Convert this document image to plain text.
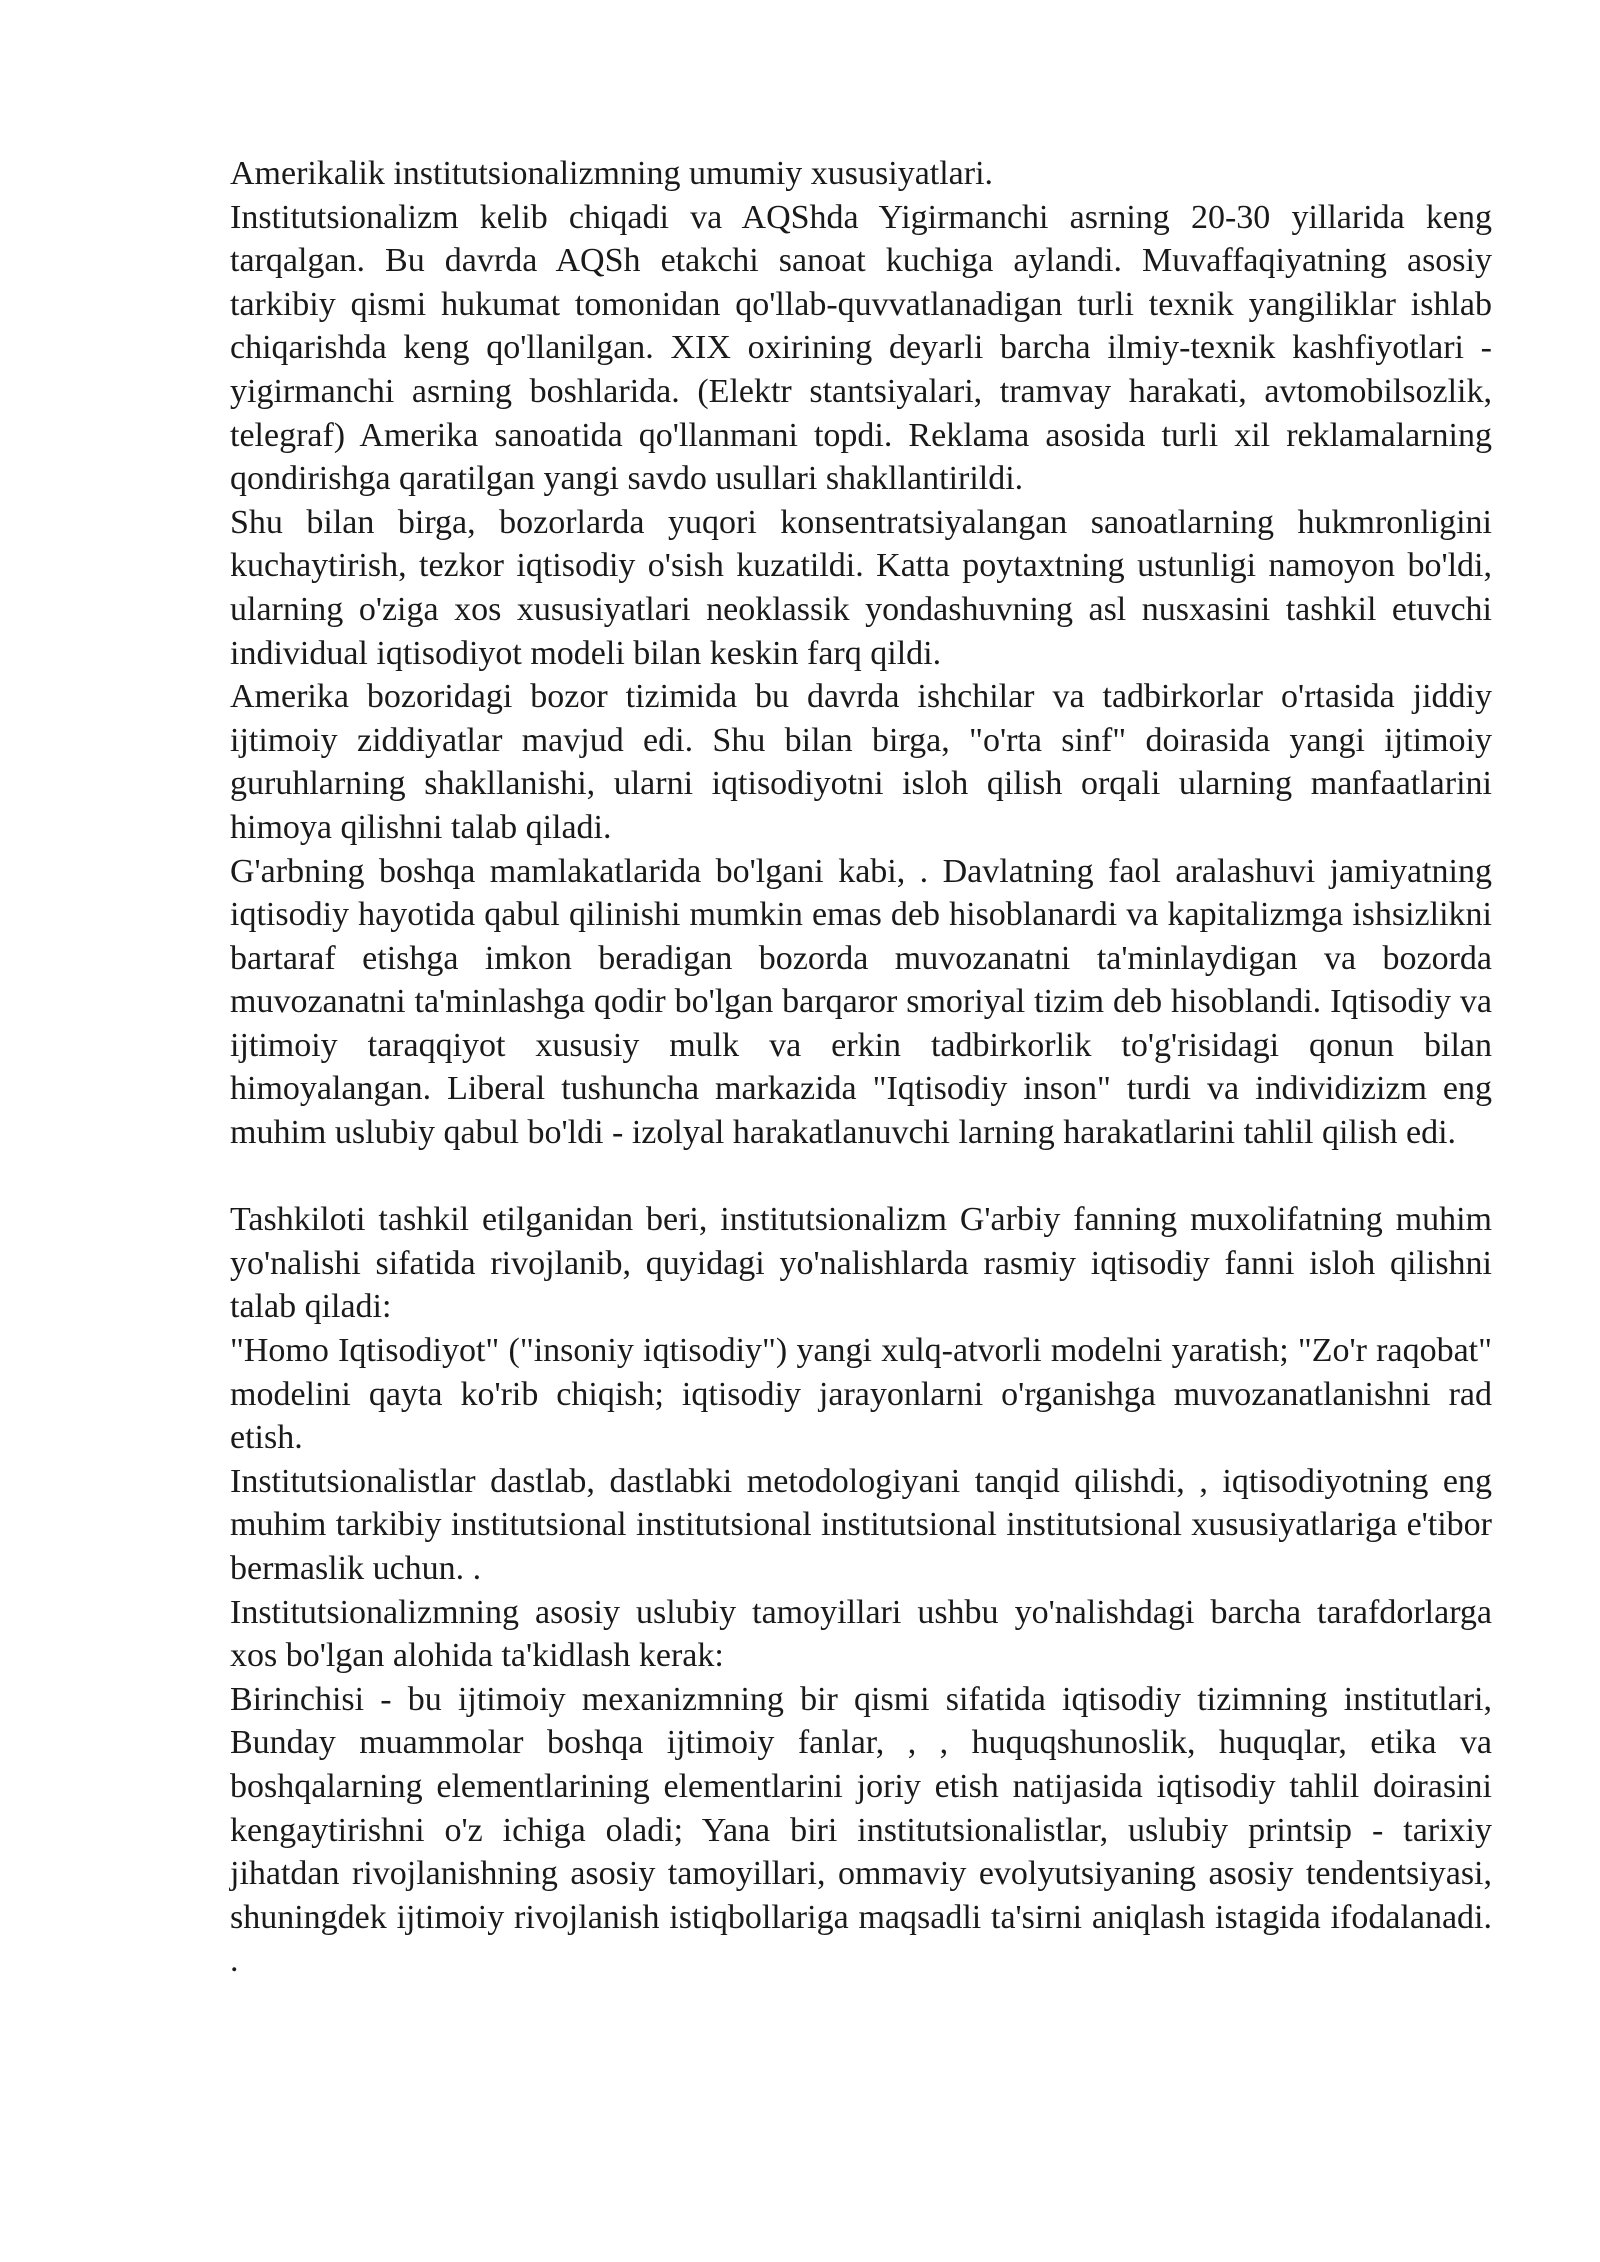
Amerikalik institutsionalizmning umumiy xususiyatlari.

Institutsionalizm kelib chiqadi va AQShda Yigirmanchi asrning 20-30 yillarida keng tarqalgan. Bu davrda AQSh etakchi sanoat kuchiga aylandi. Muvaffaqiyatning asosiy tarkibiy qismi hukumat tomonidan qo'llab-quvvatlanadigan turli texnik yangiliklar ishlab chiqarishda keng qo'llanilgan. XIX oxirining deyarli barcha ilmiy-texnik kashfiyotlari - yigirmanchi asrning boshlarida. (Elektr stantsiyalari, tramvay harakati, avtomobilsozlik, telegraf) Amerika sanoatida qo'llanmani topdi. Reklama asosida turli xil reklamalarning qondirishga qaratilgan yangi savdo usullari shakllantirildi.

Shu bilan birga, bozorlarda yuqori konsentratsiyalangan sanoatlarning hukmronligini kuchaytirish, tezkor iqtisodiy o'sish kuzatildi. Katta poytaxtning ustunligi namoyon bo'ldi, ularning o'ziga xos xususiyatlari neoklassik yondashuvning asl nusxasini tashkil etuvchi individual iqtisodiyot modeli bilan keskin farq qildi.

Amerika bozoridagi bozor tizimida bu davrda ishchilar va tadbirkorlar o'rtasida jiddiy ijtimoiy ziddiyatlar mavjud edi. Shu bilan birga, "o'rta sinf" doirasida yangi ijtimoiy guruhlarning shakllanishi, ularni iqtisodiyotni isloh qilish orqali ularning manfaatlarini himoya qilishni talab qiladi.

G'arbning boshqa mamlakatlarida bo'lgani kabi, . Davlatning faol aralashuvi jamiyatning iqtisodiy hayotida qabul qilinishi mumkin emas deb hisoblanardi va kapitalizmga ishsizlikni bartaraf etishga imkon beradigan bozorda muvozanatni ta'minlaydigan va bozorda muvozanatni ta'minlashga qodir bo'lgan barqaror smoriyal tizim deb hisoblandi. Iqtisodiy va ijtimoiy taraqqiyot xususiy mulk va erkin tadbirkorlik to'g'risidagi qonun bilan himoyalangan. Liberal tushuncha markazida "Iqtisodiy inson" turdi va individizizm eng muhim uslubiy qabul bo'ldi - izolyal harakatlanuvchi larning harakatlarini tahlil qilish edi.

Tashkiloti tashkil etilganidan beri, institutsionalizm G'arbiy fanning muxolifatning muhim yo'nalishi sifatida rivojlanib, quyidagi yo'nalishlarda rasmiy iqtisodiy fanni isloh qilishni talab qiladi:

"Homo Iqtisodiyot" ("insoniy iqtisodiy") yangi xulq-atvorli modelni yaratish; "Zo'r raqobat" modelini qayta ko'rib chiqish; iqtisodiy jarayonlarni o'rganishga muvozanatlanishni rad etish.

Institutsionalistlar dastlab, dastlabki metodologiyani tanqid qilishdi, , iqtisodiyotning eng muhim tarkibiy institutsional institutsional institutsional institutsional xususiyatlariga e'tibor bermaslik uchun. .

Institutsionalizmning asosiy uslubiy tamoyillari ushbu yo'nalishdagi barcha tarafdorlarga xos bo'lgan alohida ta'kidlash kerak:

Birinchisi - bu ijtimoiy mexanizmning bir qismi sifatida iqtisodiy tizimning institutlari, Bunday muammolar boshqa ijtimoiy fanlar, , , huquqshunoslik, huquqlar, etika va boshqalarning elementlarining elementlarini joriy etish natijasida iqtisodiy tahlil doirasini kengaytirishni o'z ichiga oladi; Yana biri institutsionalistlar, uslubiy printsip - tarixiy jihatdan rivojlanishning asosiy tamoyillari, ommaviy evolyutsiyaning asosiy tendentsiyasi, shuningdek ijtimoiy rivojlanish istiqbollariga maqsadli ta'sirni aniqlash istagida ifodalanadi. .
